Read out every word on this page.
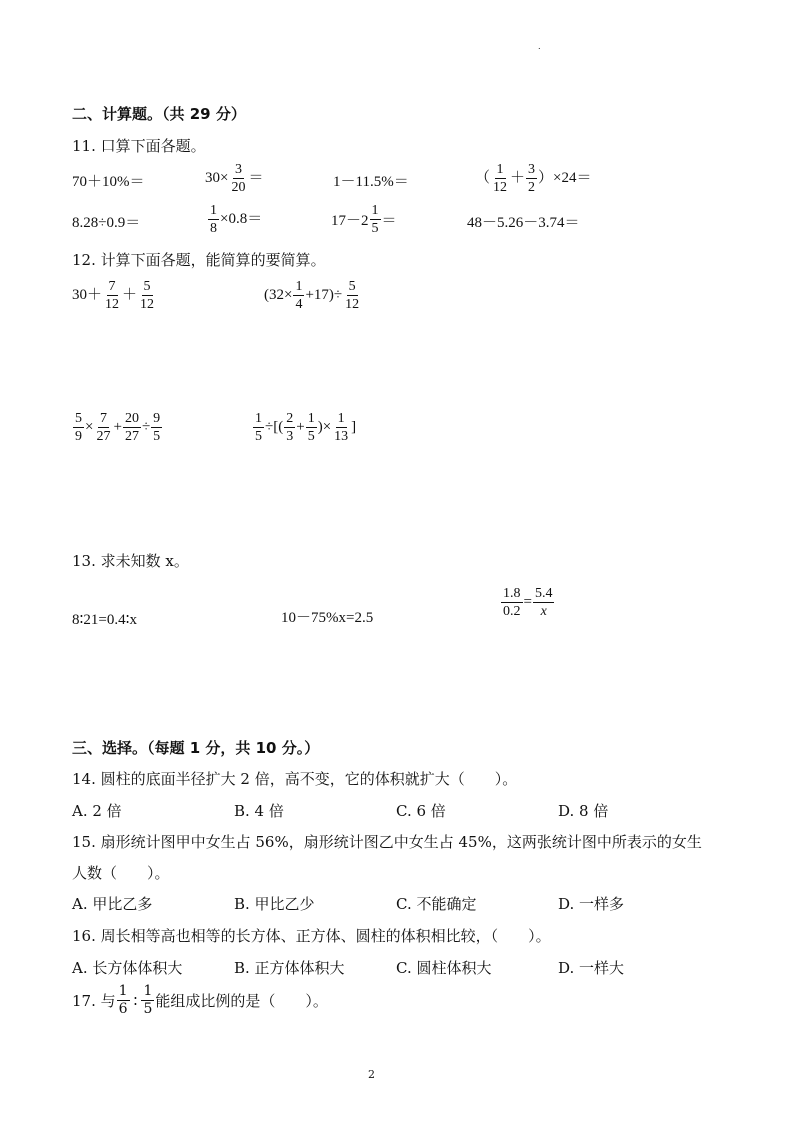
.
二、计算题。（共 29 分）
11. 口算下面各题。
70＋10%＝	$30\times \frac{3}{20}$ ＝	1－11.5%＝	（ $\frac{1}{12} + \frac{3}{2} )\times 24=$
8.28÷0.9＝	$\frac{1}{8} \times 0.8=$	$17-2 \frac{1}{5}$ ＝	48－5.26－3.74＝
12. 计算下面各题，能简算的要简算。
$30+ \frac{7}{12} + \frac{5}{12}$	$(32\times \frac{1}{4} +17)\div \frac{5}{12}$
$\frac{5}{9} \times \frac{7}{27} + \frac{20}{27} \div \frac{9}{5}$	$\frac{1}{5}$ ÷[( $\frac{2}{3} + \frac{1}{5}$ )× $\frac{1}{13}$ ]
13. 求未知数 x。
8∶21=0.4∶x	10－75%x=2.5	$\frac{1.8}{0.2} = \frac{5.4}{x}$
三、选择。（每题 1 分，共 10 分。）
14. 圆柱的底面半径扩大 2 倍，高不变，它的体积就扩大（　　）。
A. 2 倍	B. 4 倍	C. 6 倍	D. 8 倍
15. 扇形统计图甲中女生占 56%，扇形统计图乙中女生占 45%，这两张统计图中所表示的女生
人数（　　）。
A. 甲比乙多	B. 甲比乙少	C. 不能确定	D. 一样多
16. 周长相等高也相等的长方体、正方体、圆柱的体积相比较，（　　）。
A. 长方体体积大	B. 正方体体积大	C. 圆柱体积大	D. 一样大
17. 与 $\frac{1}{6}$ ∶ $\frac{1}{5}$ 能组成比例的是（　　）。
2
